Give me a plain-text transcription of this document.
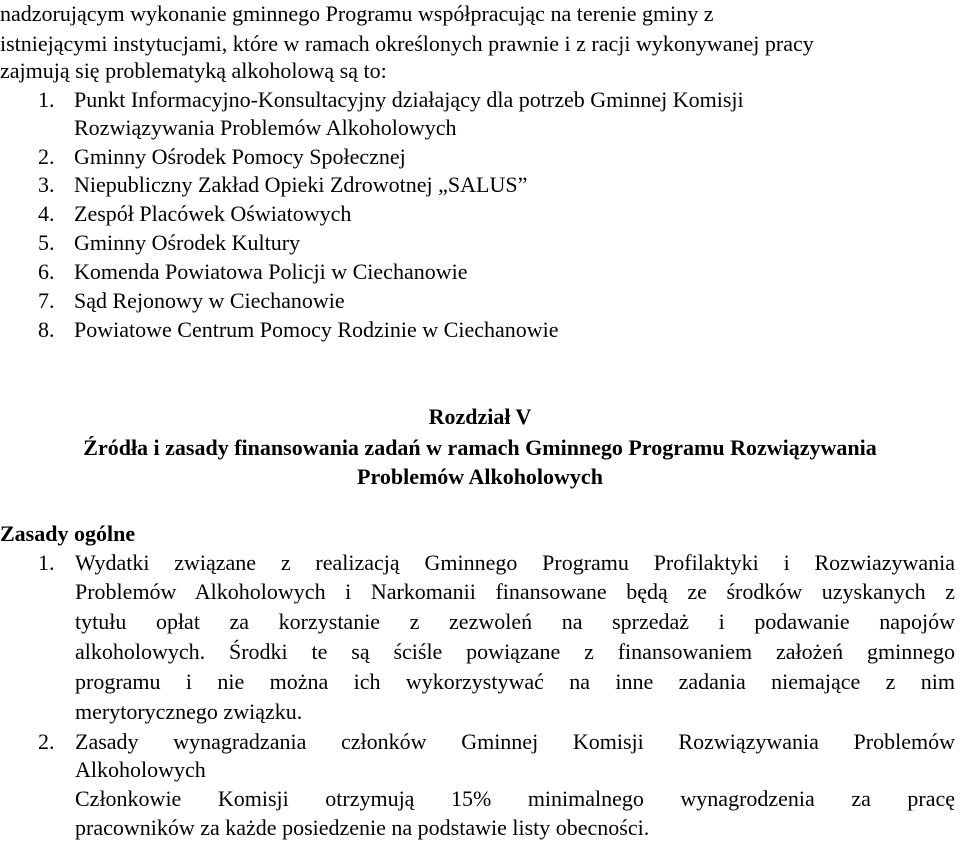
nadzorującym wykonanie gminnego Programu współpracując na terenie gminy z
istniejącymi instytucjami, które w ramach określonych prawnie i z racji wykonywanej pracy
zajmują się problematyką alkoholową są to:
1. Punkt Informacyjno-Konsultacyjny działający dla potrzeb Gminnej Komisji
Rozwiązywania Problemów Alkoholowych
2. Gminny Ośrodek Pomocy Społecznej
3. Niepubliczny Zakład Opieki Zdrowotnej „SALUS”
4. Zespół Placówek Oświatowych
5. Gminny Ośrodek Kultury
6. Komenda Powiatowa Policji w Ciechanowie
7. Sąd Rejonowy w Ciechanowie
8. Powiatowe Centrum Pomocy Rodzinie w Ciechanowie
Rozdział V
Źródła i zasady finansowania zadań w ramach Gminnego Programu Rozwiązywania
Problemów Alkoholowych
Zasady ogólne
1. Wydatki związane z realizacją Gminnego Programu Profilaktyki i Rozwiazywania
Problemów Alkoholowych i Narkomanii finansowane będą ze środków uzyskanych z
tytułu opłat za korzystanie z zezwoleń na sprzedaż i podawanie napojów
alkoholowych. Środki te są ściśle powiązane z finansowaniem założeń gminnego
programu i nie można ich wykorzystywać na inne zadania niemające z nim
merytorycznego związku.
2. Zasady wynagradzania członków Gminnej Komisji Rozwiązywania Problemów
Alkoholowych
Członkowie Komisji otrzymują 15% minimalnego wynagrodzenia za pracę
pracowników za każde posiedzenie na podstawie listy obecności.
